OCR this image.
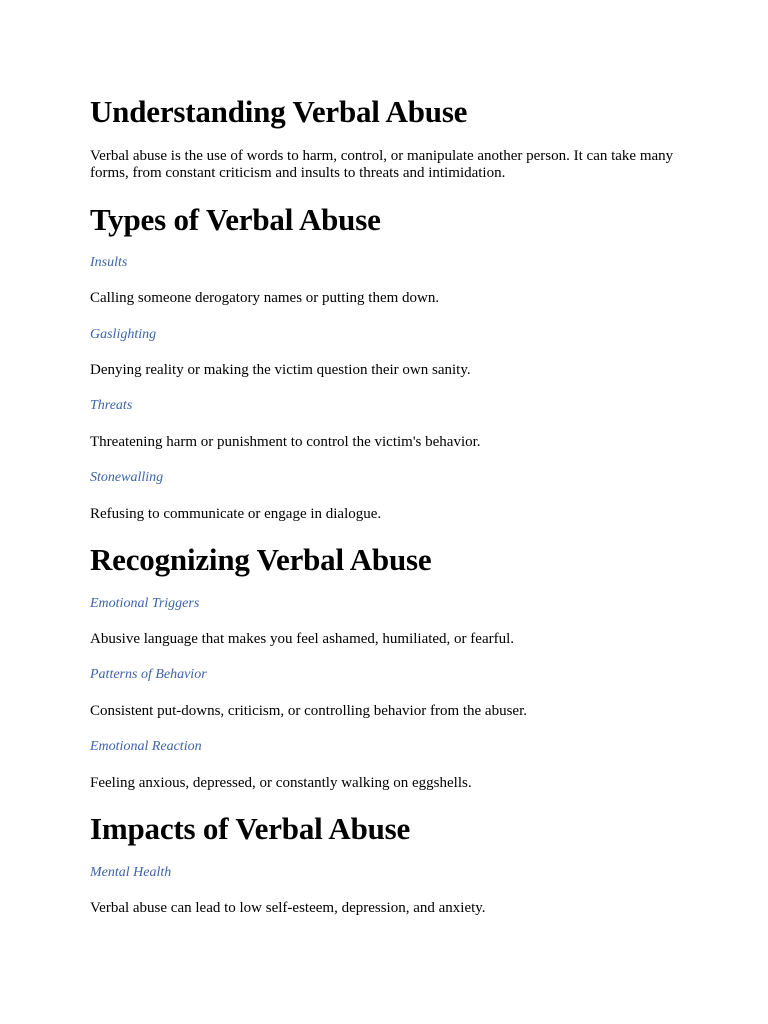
Understanding Verbal Abuse

Verbal abuse is the use of words to harm, control, or manipulate another person. It can take many forms, from constant criticism and insults to threats and intimidation.

Types of Verbal Abuse

Insults

Calling someone derogatory names or putting them down.

Gaslighting

Denying reality or making the victim question their own sanity.

Threats

Threatening harm or punishment to control the victim's behavior.

Stonewalling

Refusing to communicate or engage in dialogue.

Recognizing Verbal Abuse

Emotional Triggers

Abusive language that makes you feel ashamed, humiliated, or fearful.

Patterns of Behavior

Consistent put-downs, criticism, or controlling behavior from the abuser.

Emotional Reaction

Feeling anxious, depressed, or constantly walking on eggshells.

Impacts of Verbal Abuse

Mental Health

Verbal abuse can lead to low self-esteem, depression, and anxiety.
